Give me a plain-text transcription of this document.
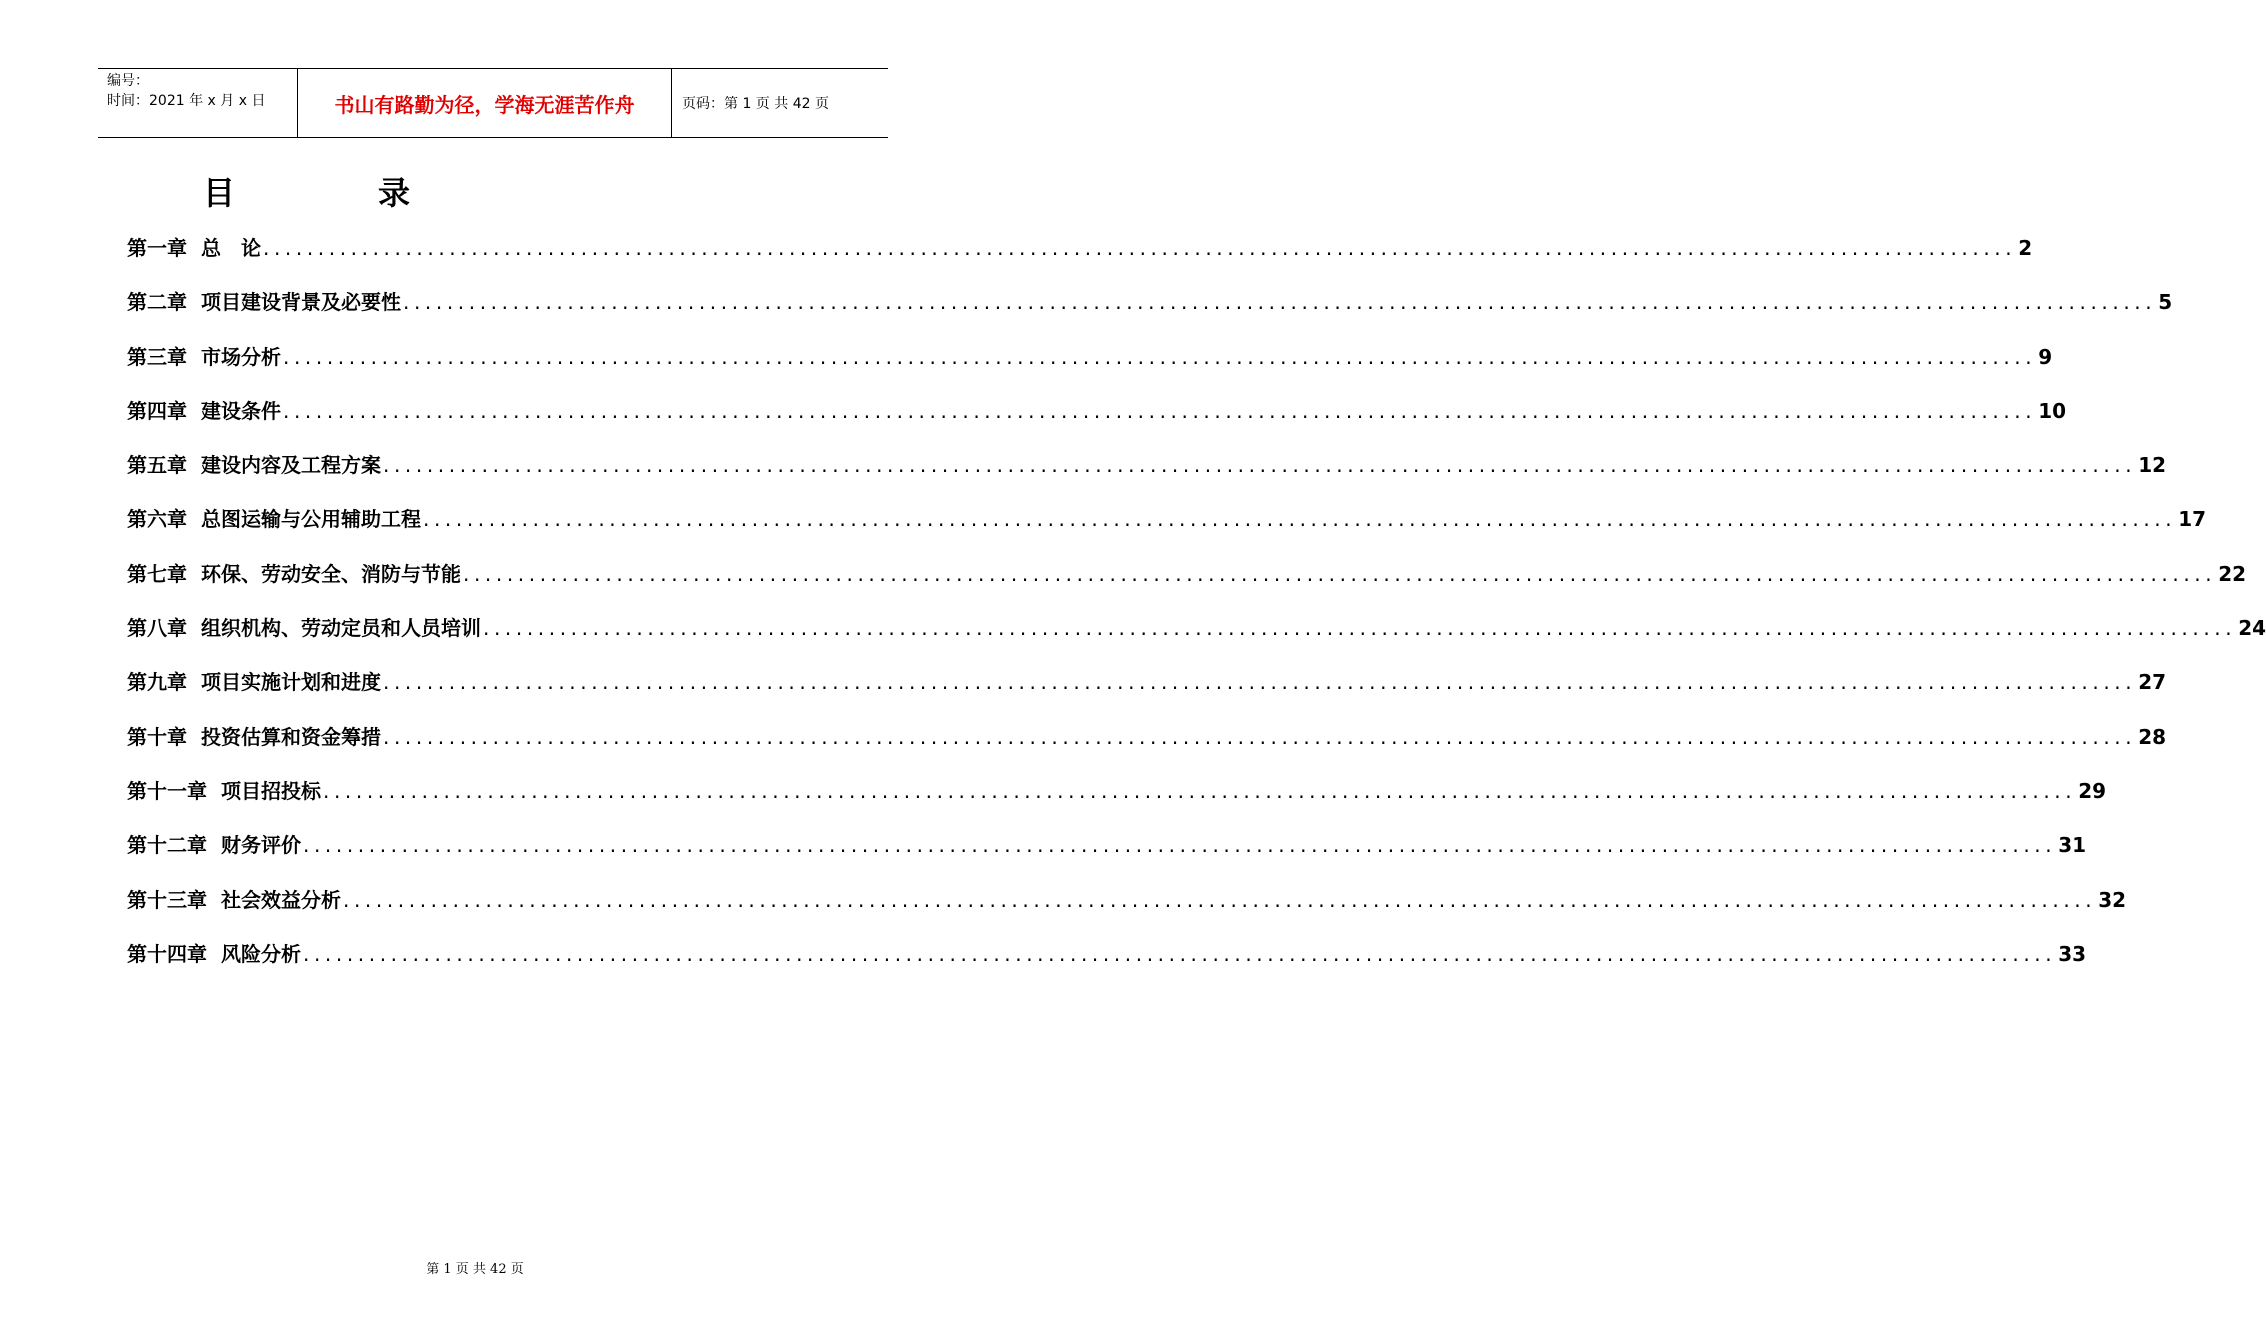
编号：
时间：2021 年 x 月 x 日	书山有路勤为径，学海无涯苦作舟	页码：第 1 页 共 42 页
目	录
第一章 总　论 ................................................................................................................................................................ 2
第二章 项目建设背景及必要性 ................................................................................................................................................................ 5
第三章 市场分析 ................................................................................................................................................................ 9
第四章 建设条件 ................................................................................................................................................................ 10
第五章 建设内容及工程方案 ................................................................................................................................................................ 12
第六章 总图运输与公用辅助工程 ................................................................................................................................................................ 17
第七章 环保、劳动安全、消防与节能 ................................................................................................................................................................ 22
第八章 组织机构、劳动定员和人员培训 ................................................................................................................................................................ 24
第九章 项目实施计划和进度 ................................................................................................................................................................ 27
第十章 投资估算和资金筹措 ................................................................................................................................................................ 28
第十一章 项目招投标 ................................................................................................................................................................ 29
第十二章 财务评价 ................................................................................................................................................................ 31
第十三章 社会效益分析 ................................................................................................................................................................ 32
第十四章 风险分析 ................................................................................................................................................................ 33
第 1 页 共 42 页
